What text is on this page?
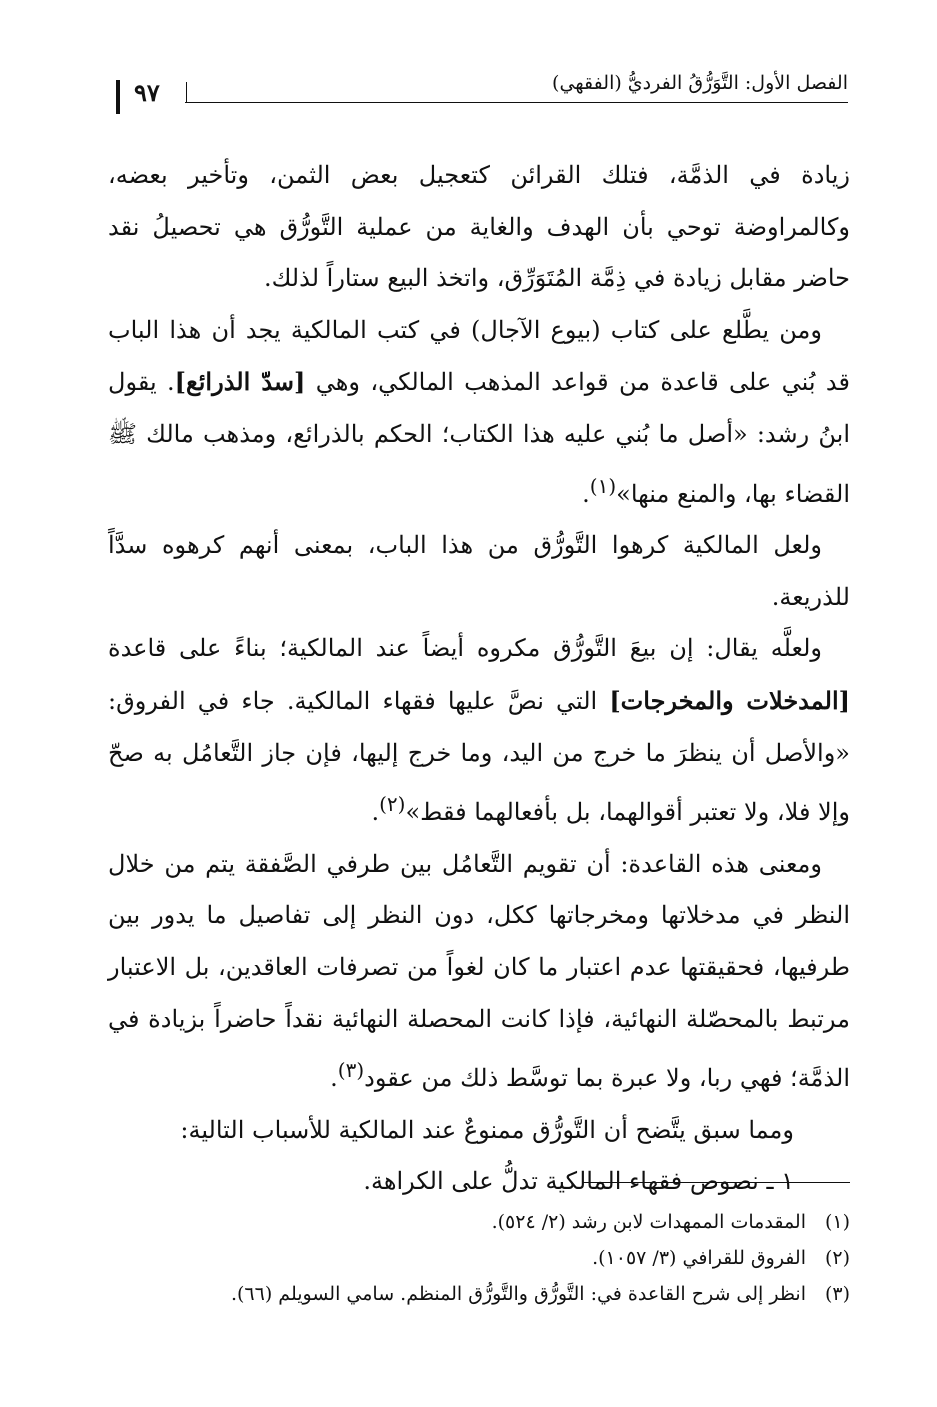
٩٧	الفصل الأول: التَّوَرُّقُ الفرديُّ (الفقهي)

زيادة في الذمَّة، فتلك القرائن كتعجيل بعض الثمن، وتأخير بعضه، وكالمراوضة توحي بأن الهدف والغاية من عملية التَّورُّق هي تحصيلُ نقد حاضر مقابل زيادة في ذِمَّة المُتَوَرِّق، واتخذ البيع ستاراً لذلك.

ومن يطَّلع على كتاب (بيوع الآجال) في كتب المالكية يجد أن هذا الباب قد بُني على قاعدة من قواعد المذهب المالكي، وهي [سدّ الذرائع]. يقول ابنُ رشد: «أصل ما بُني عليه هذا الكتاب؛ الحكم بالذرائع، ومذهب مالك ﷺ القضاء بها، والمنع منها»$^{(١)}$.

ولعل المالكية كرهوا التَّورُّق من هذا الباب، بمعنى أنهم كرهوه سدَّاً للذريعة.

ولعلَّه يقال: إن بيعَ التَّورُّق مكروه أيضاً عند المالكية؛ بناءً على قاعدة [المدخلات والمخرجات] التي نصَّ عليها فقهاء المالكية. جاء في الفروق: «والأصل أن ينظرَ ما خرج من اليد، وما خرج إليها، فإن جاز التَّعامُل به صحّ وإلا فلا، ولا تعتبر أقوالهما، بل بأفعالهما فقط»$^{(٢)}$.

ومعنى هذه القاعدة: أن تقويم التَّعامُل بين طرفي الصَّفقة يتم من خلال النظر في مدخلاتها ومخرجاتها ككل، دون النظر إلى تفاصيل ما يدور بين طرفيها، فحقيقتها عدم اعتبار ما كان لغواً من تصرفات العاقدين، بل الاعتبار مرتبط بالمحصّلة النهائية، فإذا كانت المحصلة النهائية نقداً حاضراً بزيادة في الذمَّة؛ فهي ربا، ولا عبرة بما توسَّط ذلك من عقود$^{(٣)}$.

ومما سبق يتَّضح أن التَّورُّق ممنوعٌ عند المالكية للأسباب التالية:

١ ـ نصوص فقهاء المالكية تدلُّ على الكراهة.

(١)المقدمات الممهدات لابن رشد (٢/ ٥٢٤).

(٢)الفروق للقرافي (٣/ ١٠٥٧).

(٣)انظر إلى شرح القاعدة في: التَّورُّق والتَّورُّق المنظم. سامي السويلم (٦٦).
